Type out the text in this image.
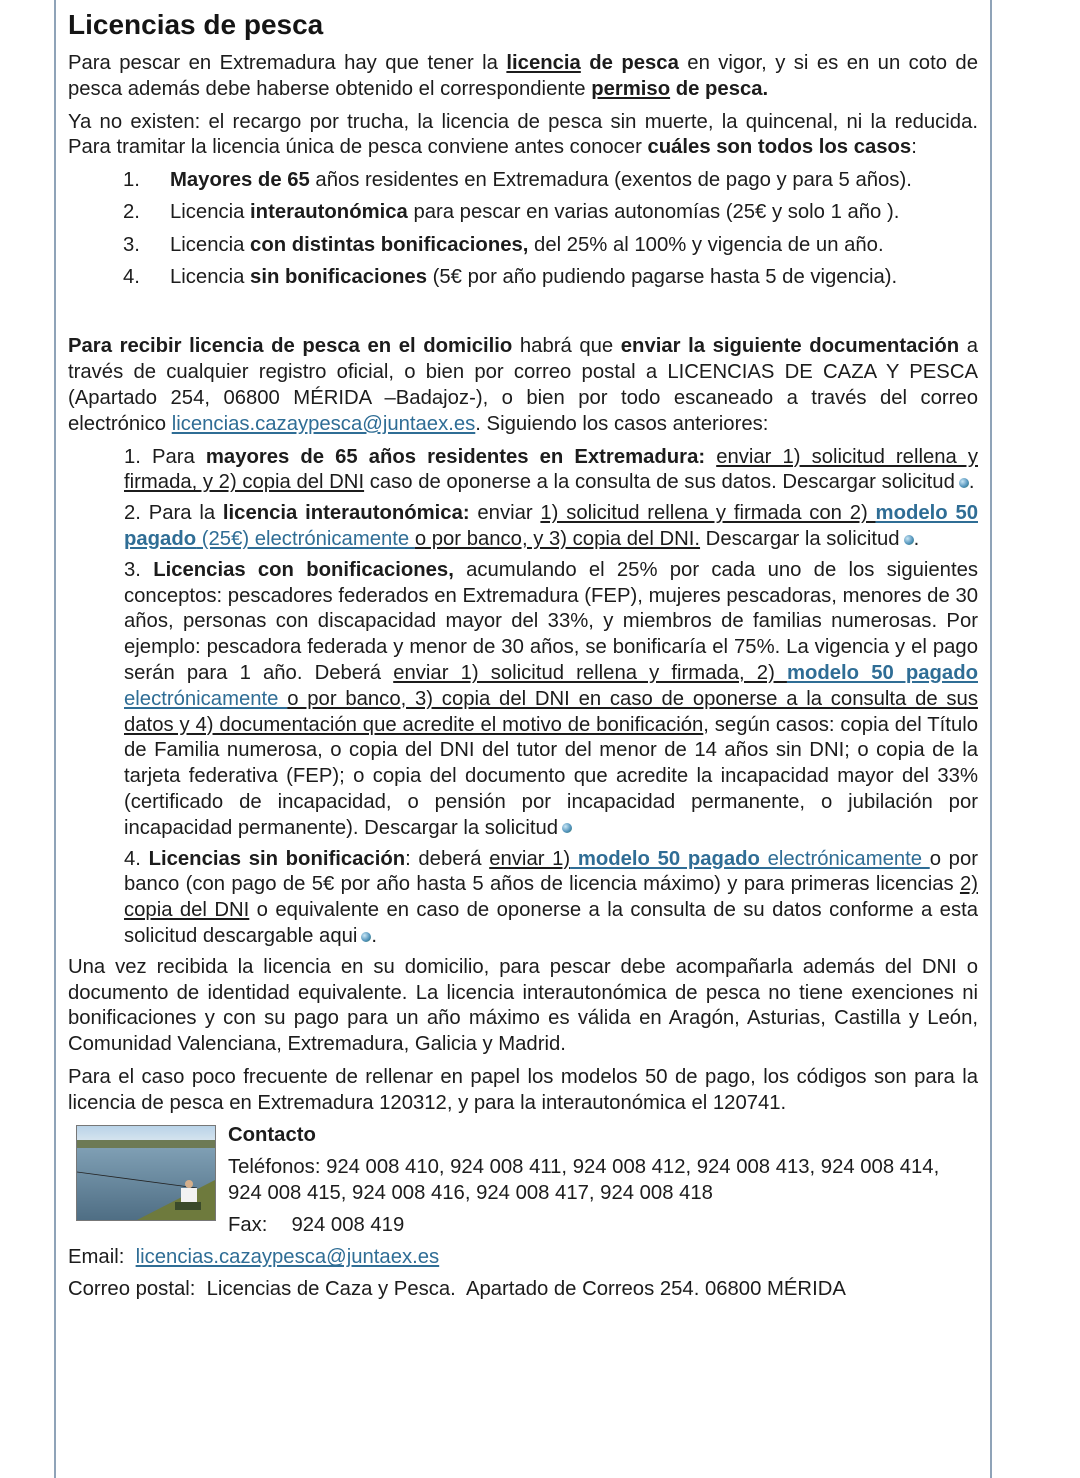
Licencias de pesca

Para pescar en Extremadura hay que tener la licencia de pesca en vigor, y si es en un coto de pesca además debe haberse obtenido el correspondiente permiso de pesca.

Ya no existen: el recargo por trucha, la licencia de pesca sin muerte, la quincenal, ni la reducida. Para tramitar la licencia única de pesca conviene antes conocer cuáles son todos los casos:

1. Mayores de 65 años residentes en Extremadura (exentos de pago y para 5 años).
2. Licencia interautonómica para pescar en varias autonomías (25€ y solo 1 año ).
3. Licencia con distintas bonificaciones, del 25% al 100% y vigencia de un año.
4. Licencia sin bonificaciones (5€ por año pudiendo pagarse hasta 5 de vigencia).

Para recibir licencia de pesca en el domicilio habrá que enviar la siguiente documentación a través de cualquier registro oficial, o bien por correo postal a LICENCIAS DE CAZA Y PESCA (Apartado 254, 06800 MÉRIDA –Badajoz-), o bien por todo escaneado a través del correo electrónico licencias.cazaypesca@juntaex.es. Siguiendo los casos anteriores:

1. Para mayores de 65 años residentes en Extremadura: enviar 1) solicitud rellena y firmada, y 2) copia del DNI caso de oponerse a la consulta de sus datos. Descargar solicitud .
2. Para la licencia interautonómica: enviar 1) solicitud rellena y firmada con 2) modelo 50 pagado (25€) electrónicamente o por banco, y 3) copia del DNI. Descargar la solicitud .
3. Licencias con bonificaciones, acumulando el 25% por cada uno de los siguientes conceptos: pescadores federados en Extremadura (FEP), mujeres pescadoras, menores de 30 años, personas con discapacidad mayor del 33%, y miembros de familias numerosas. Por ejemplo: pescadora federada y menor de 30 años, se bonificaría el 75%. La vigencia y el pago serán para 1 año. Deberá enviar 1) solicitud rellena y firmada, 2) modelo 50 pagado electrónicamente o por banco, 3) copia del DNI en caso de oponerse a la consulta de sus datos y 4) documentación que acredite el motivo de bonificación, según casos: copia del Título de Familia numerosa, o copia del DNI del tutor del menor de 14 años sin DNI; o copia de la tarjeta federativa (FEP); o copia del documento que acredite la incapacidad mayor del 33% (certificado de incapacidad, o pensión por incapacidad permanente, o jubilación por incapacidad permanente). Descargar la solicitud
4. Licencias sin bonificación: deberá enviar 1) modelo 50 pagado electrónicamente o por banco (con pago de 5€ por año hasta 5 años de licencia máximo) y para primeras licencias 2) copia del DNI o equivalente en caso de oponerse a la consulta de su datos conforme a esta solicitud descargable aqui .

Una vez recibida la licencia en su domicilio, para pescar debe acompañarla además del DNI o documento de identidad equivalente. La licencia interautonómica de pesca no tiene exenciones ni bonificaciones y con su pago para un año máximo es válida en Aragón, Asturias, Castilla y León, Comunidad Valenciana, Extremadura, Galicia y Madrid.

Para el caso poco frecuente de rellenar en papel los modelos 50 de pago, los códigos son para la licencia de pesca en Extremadura 120312, y para la interautonómica el 120741.

Contacto
Teléfonos: 924 008 410, 924 008 411, 924 008 412, 924 008 413, 924 008 414, 924 008 415, 924 008 416, 924 008 417, 924 008 418
Fax: 924 008 419
Email:  licencias.cazaypesca@juntaex.es
Correo postal:  Licencias de Caza y Pesca.  Apartado de Correos 254. 06800 MÉRIDA
